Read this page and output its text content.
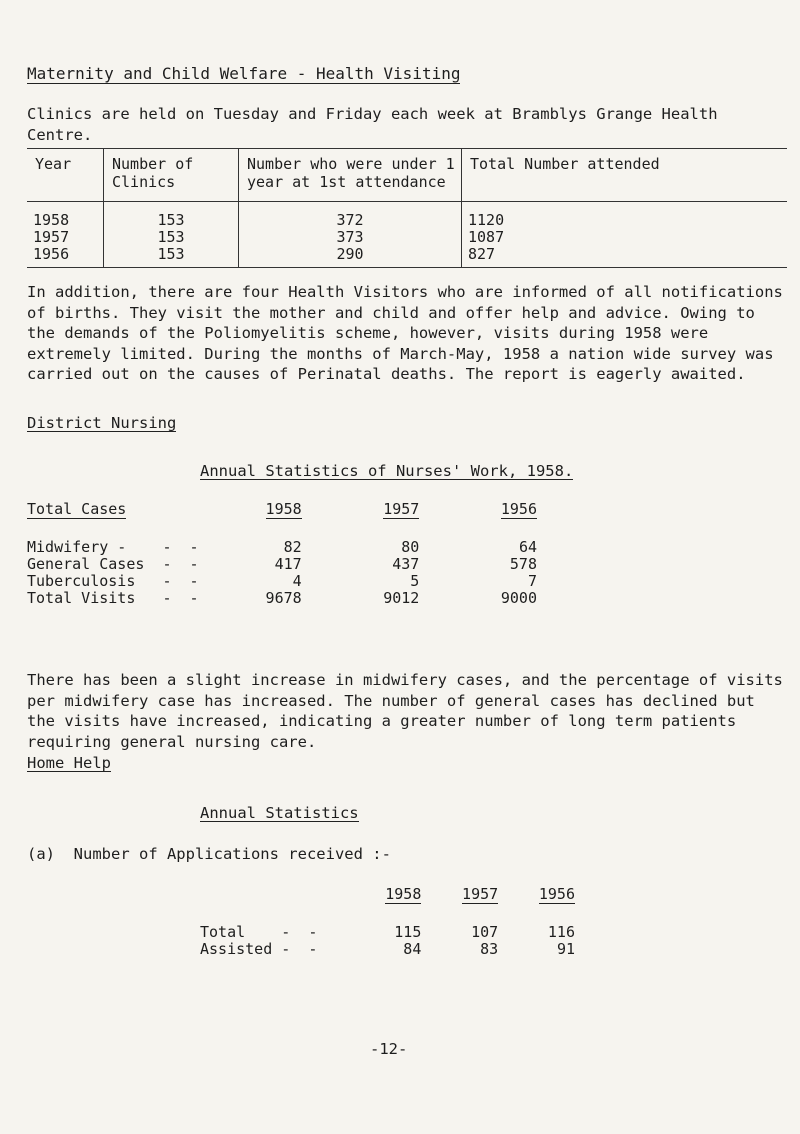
Maternity and Child Welfare - Health Visiting
Clinics are held on Tuesday and Friday each week at Bramblys Grange Health Centre.
Year	Number of Clinics	Number who were under 1 year at 1st attendance	Total Number attended
1958	153	372	1120
1957	153	373	1087
1956	153	290	827
In addition, there are four Health Visitors who are informed of all notifications of births. They visit the mother and child and offer help and advice. Owing to the demands of the Poliomyelitis scheme, however, visits during 1958 were extremely limited. During the months of March-May, 1958 a nation wide survey was carried out on the causes of Perinatal deaths. The report is eagerly awaited.
District Nursing
Annual Statistics of Nurses' Work, 1958.
Total Cases	1958	1957	1956
Midwifery -    -  -	82	80	64
General Cases  -  -	417	437	578
Tuberculosis   -  -	4	5	7
Total Visits   -  -	9678	9012	9000
There has been a slight increase in midwifery cases, and the percentage of visits per midwifery case has increased. The number of general cases has declined but the visits have increased, indicating a greater number of long term patients requiring general nursing care.
Home Help
Annual Statistics
(a)  Number of Applications received :-
	1958	1957	1956
Total    -  -	115	107	116
Assisted -  -	84	83	91
-12-
